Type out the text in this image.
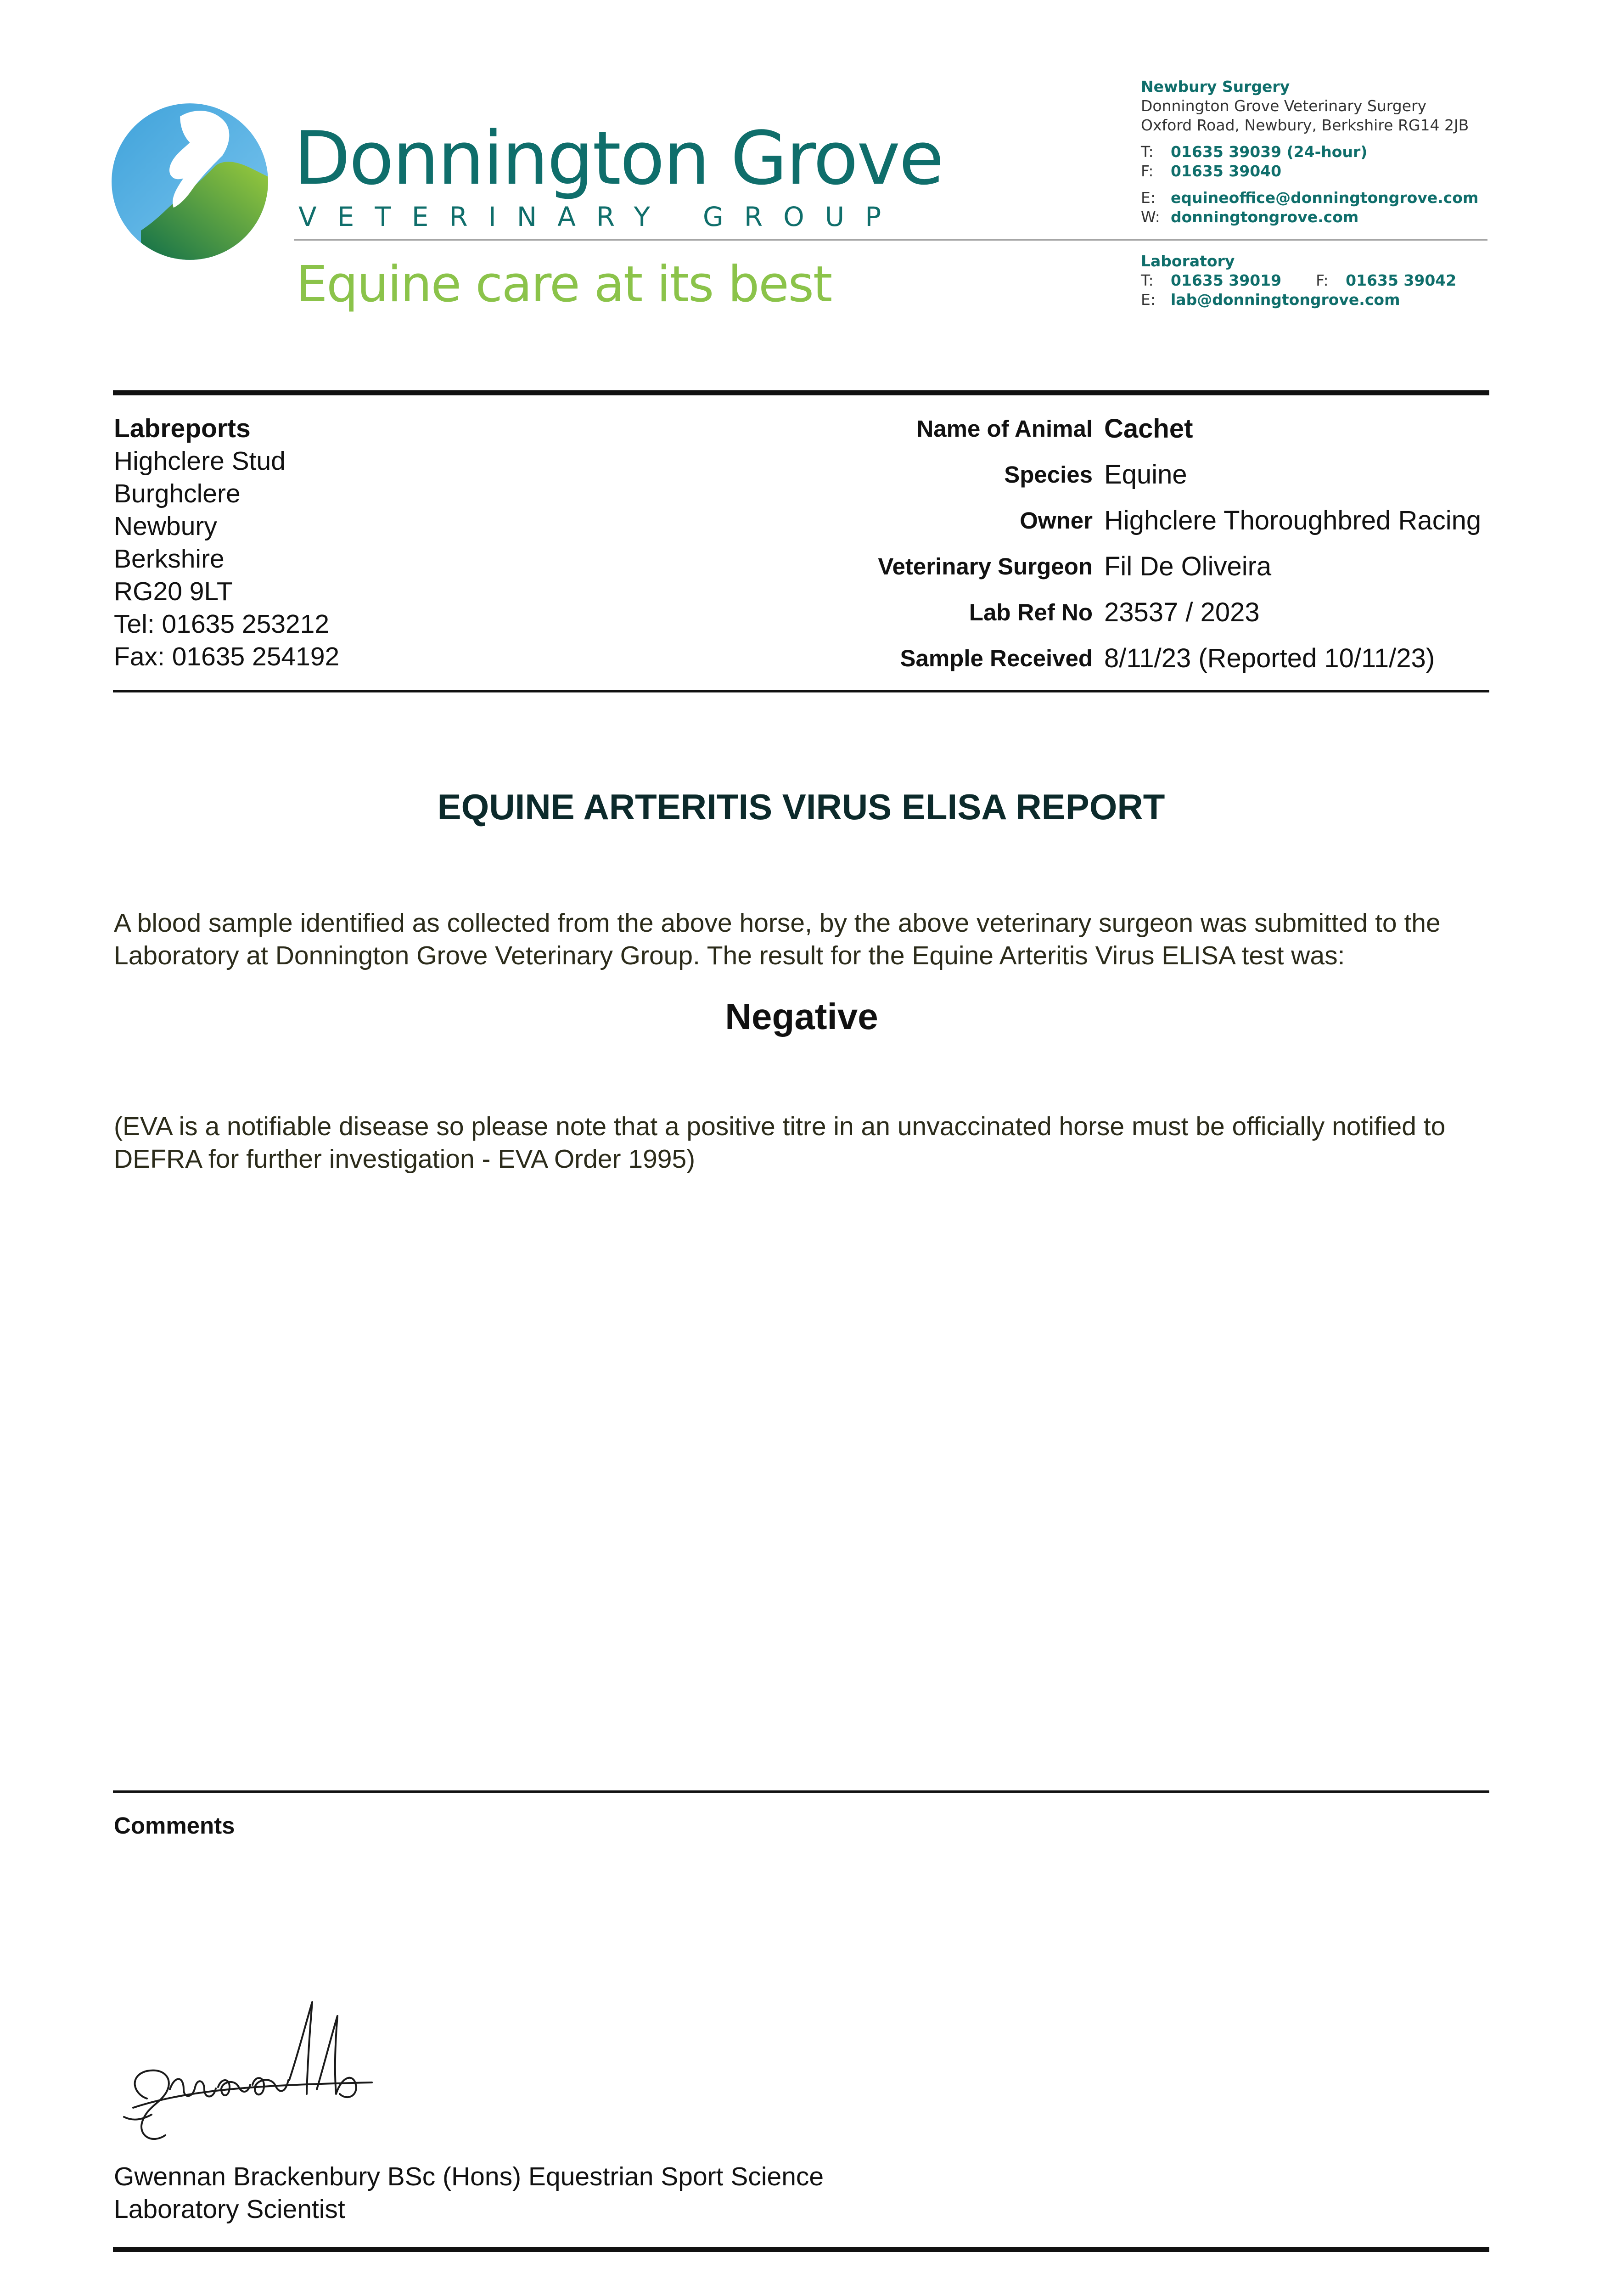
Donnington Grove
VETERINARY GROUP
Equine care at its best
Newbury Surgery
Donnington Grove Veterinary Surgery
Oxford Road, Newbury, Berkshire RG14 2JB
T: 01635 39039 (24-hour)
F: 01635 39040
E: equineoffice@donningtongrove.com
W: donningtongrove.com
Laboratory
T: 01635 39019 F: 01635 39042
E: lab@donningtongrove.com
Labreports
Highclere Stud
Burghclere
Newbury
Berkshire
RG20 9LT
Tel: 01635 253212
Fax: 01635 254192
Name of Animal Cachet
Species Equine
Owner Highclere Thoroughbred Racing
Veterinary Surgeon Fil De Oliveira
Lab Ref No 23537 / 2023
Sample Received 8/11/23 (Reported 10/11/23)
EQUINE ARTERITIS VIRUS ELISA REPORT
A blood sample identified as collected from the above horse, by the above veterinary surgeon was submitted to the Laboratory at Donnington Grove Veterinary Group. The result for the Equine Arteritis Virus ELISA test was:
Negative
(EVA is a notifiable disease so please note that a positive titre in an unvaccinated horse must be officially notified to DEFRA for further investigation - EVA Order 1995)
Comments
Gwennan Brackenbury BSc (Hons) Equestrian Sport Science
Laboratory Scientist
